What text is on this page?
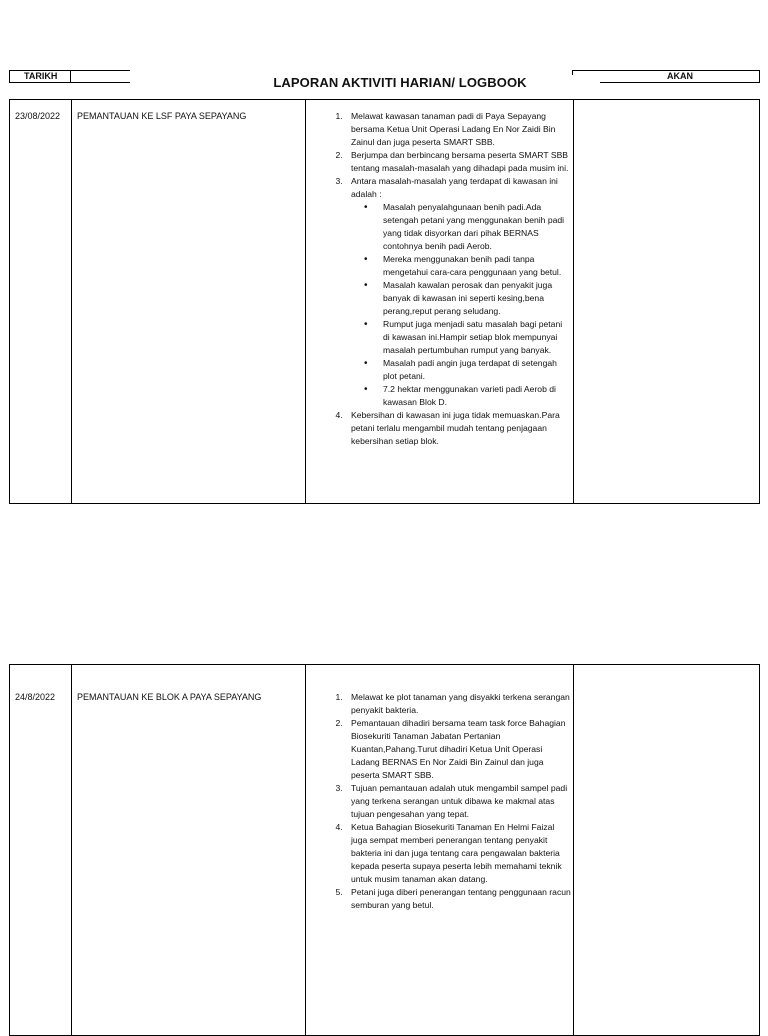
TARIKH	AKAN
LAPORAN AKTIVITI HARIAN/ LOGBOOK
23/08/2022	PEMANTAUAN KE LSF PAYA SEPAYANG	1. Melawat kawasan tanaman padi di Paya Sepayang bersama Ketua Unit Operasi Ladang En Nor Zaidi Bin Zainul dan juga peserta SMART SBB.
2. Berjumpa dan berbincang bersama peserta SMART SBB tentang masalah-masalah yang dihadapi pada musim ini.
3. Antara masalah-masalah yang terdapat di kawasan ini adalah :
• Masalah penyalahgunaan benih padi.Ada setengah petani yang menggunakan benih padi yang tidak disyorkan dari pihak BERNAS contohnya benih padi Aerob.
• Mereka menggunakan benih padi tanpa mengetahui cara-cara penggunaan yang betul.
• Masalah kawalan perosak dan penyakit juga banyak di kawasan ini seperti kesing,bena perang,reput perang seludang.
• Rumput juga menjadi satu masalah bagi petani di kawasan ini.Hampir setiap blok mempunyai masalah pertumbuhan rumput yang banyak.
• Masalah padi angin juga terdapat di setengah plot petani.
• 7.2 hektar menggunakan varieti padi Aerob di kawasan Blok D.
4. Kebersihan di kawasan ini juga tidak memuaskan.Para petani terlalu mengambil mudah tentang penjagaan kebersihan setiap blok.
24/8/2022	PEMANTAUAN KE BLOK A PAYA SEPAYANG	1. Melawat ke plot tanaman yang disyakki terkena serangan penyakit bakteria.
2. Pemantauan dihadiri bersama team task force Bahagian Biosekuriti Tanaman Jabatan Pertanian Kuantan,Pahang.Turut dihadiri Ketua Unit Operasi Ladang BERNAS En Nor Zaidi Bin Zainul dan juga peserta SMART SBB.
3. Tujuan pemantauan adalah utuk mengambil sampel padi yang terkena serangan untuk dibawa ke makmal atas tujuan pengesahan yang tepat.
4. Ketua Bahagian Biosekuriti Tanaman En Helmi Faizal juga sempat memberi penerangan tentang penyakit bakteria ini dan juga tentang cara pengawalan bakteria kepada peserta supaya peserta lebih memahami teknik untuk musim tanaman akan datang.
5. Petani juga diberi penerangan tentang penggunaan racun semburan yang betul.
